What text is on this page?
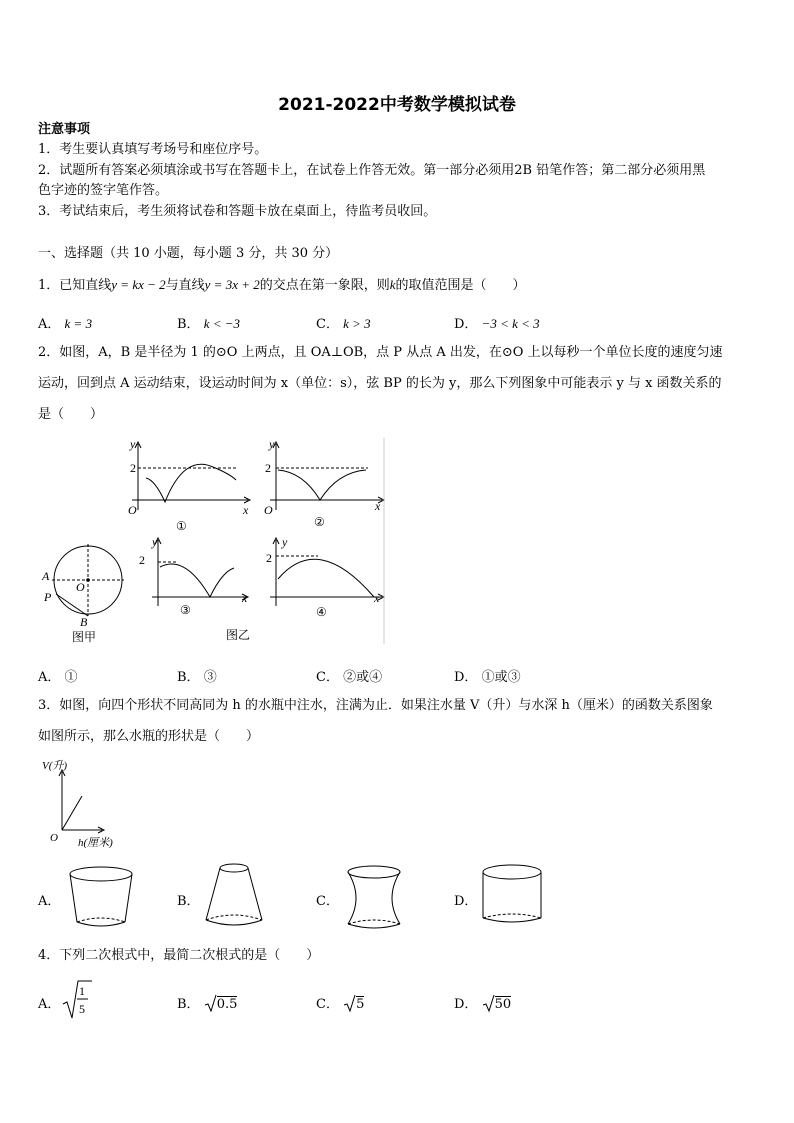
2021-2022中考数学模拟试卷
注意事项
1．考生要认真填写考场号和座位序号。
2．试题所有答案必须填涂或书写在答题卡上，在试卷上作答无效。第一部分必须用2B 铅笔作答；第二部分必须用黑
色字迹的签字笔作答。
3．考试结束后，考生须将试卷和答题卡放在桌面上，待监考员收回。
一、选择题（共 10 小题，每小题 3 分，共 30 分）
1．已知直线y = kx − 2与直线y = 3x + 2的交点在第一象限，则k的取值范围是（　　）
A． k = 3	B． k < −3	C． k > 3	D． −3 < k < 3
2．如图，A，B 是半径为 1 的⊙O 上两点，且 OA⊥OB，点 P 从点 A 出发，在⊙O 上以每秒一个单位长度的速度匀速
运动，回到点 A 运动结束，设运动时间为 x（单位：s），弦 BP 的长为 y，那么下列图象中可能表示 y 与 x 函数关系的
是（　　）
y
2
O	x
①
y
2
O	x
②
A
P
B
O
图甲
y
2
x
③
图乙
y
2
x
④
A． ①	B． ③	C． ②或④	D． ①或③
3．如图，向四个形状不同高同为 h 的水瓶中注水，注满为止．如果注水量 V（升）与水深 h（厘米）的函数关系图象
如图所示，那么水瓶的形状是（　　）
V(升)
O h(厘米)
A．	B．	C．	D．
4．下列二次根式中，最简二次根式的是（　　）
A．
1
5	B． 0.5	C． 5	D． 50
